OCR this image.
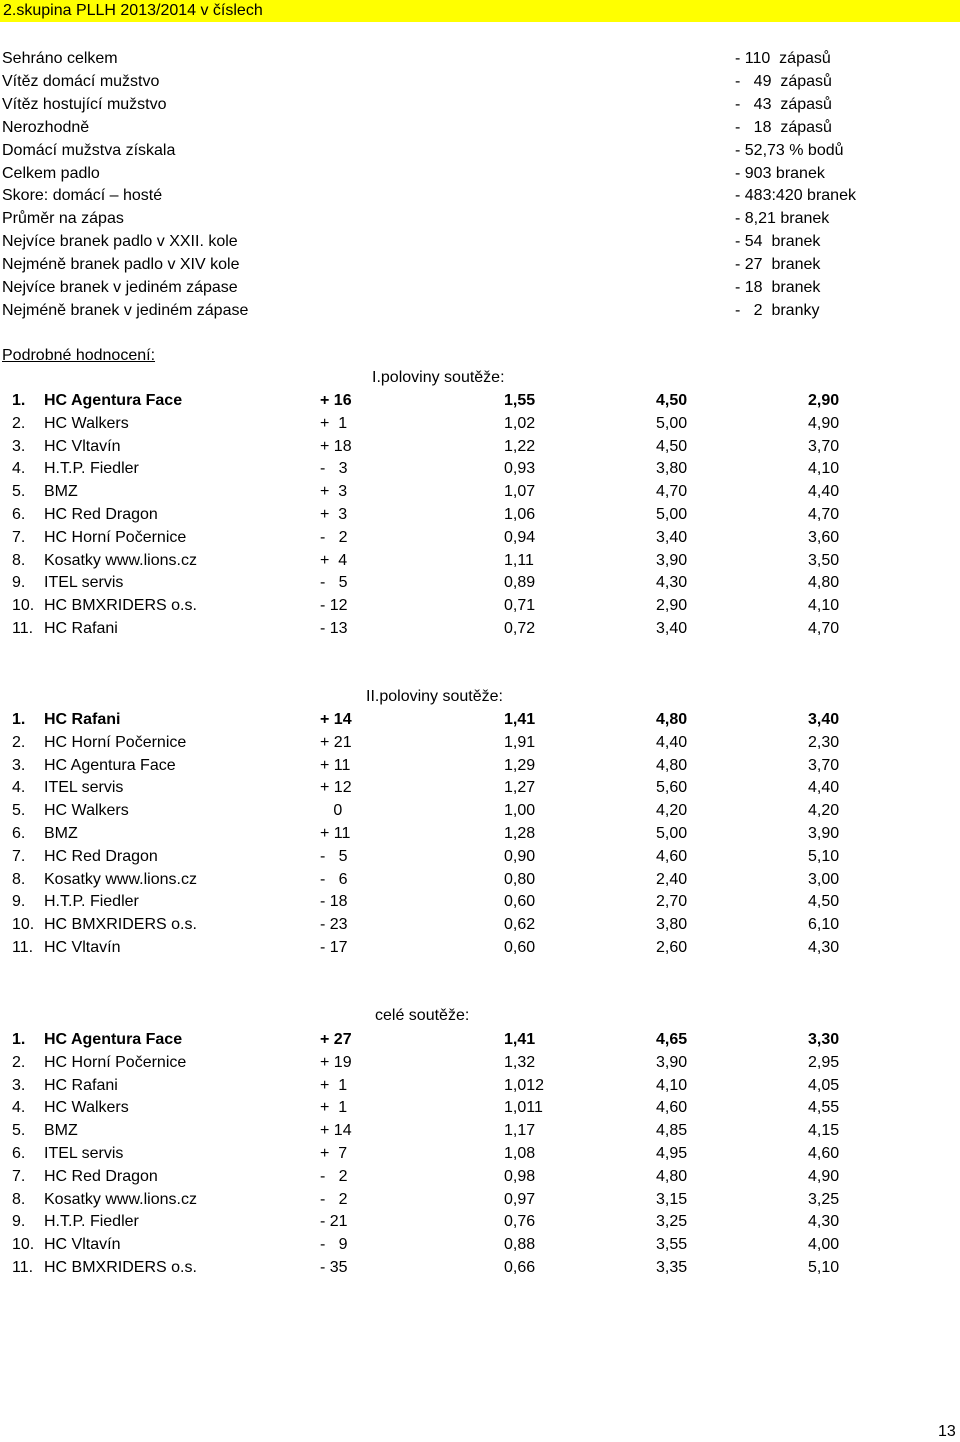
2.skupina PLLH 2013/2014 v číslech
Sehráno celkem	- 110  zápasů
Vítěz domácí mužstvo	-   49  zápasů
Vítěz hostující mužstvo	-   43  zápasů
Nerozhodně	-   18  zápasů
Domácí mužstva získala	- 52,73 % bodů
Celkem padlo	- 903 branek
Skore: domácí – hosté	- 483:420 branek
Průměr na zápas	- 8,21 branek
Nejvíce branek padlo v XXII. kole	- 54  branek
Nejméně branek padlo v XIV kole	- 27  branek
Nejvíce branek v jediném zápase	- 18  branek
Nejméně branek v jediném zápase	-   2  branky
Podrobné hodnocení:
I.poloviny soutěže:
1. HC Agentura Face	+ 16	1,55	4,50	2,90
2. HC Walkers	+  1	1,02	5,00	4,90
3. HC Vltavín	+ 18	1,22	4,50	3,70
4. H.T.P. Fiedler	-   3	0,93	3,80	4,10
5. BMZ	+  3	1,07	4,70	4,40
6. HC Red Dragon	+  3	1,06	5,00	4,70
7. HC Horní Počernice	-   2	0,94	3,40	3,60
8. Kosatky www.lions.cz	+  4	1,11	3,90	3,50
9. ITEL servis	-   5	0,89	4,30	4,80
10. HC BMXRIDERS o.s.	- 12	0,71	2,90	4,10
11. HC Rafani	- 13	0,72	3,40	4,70
II.poloviny soutěže:
1. HC Rafani	+ 14	1,41	4,80	3,40
2. HC Horní Počernice	+ 21	1,91	4,40	2,30
3. HC Agentura Face	+ 11	1,29	4,80	3,70
4. ITEL servis	+ 12	1,27	5,60	4,40
5. HC Walkers	0	1,00	4,20	4,20
6. BMZ	+ 11	1,28	5,00	3,90
7. HC Red Dragon	-   5	0,90	4,60	5,10
8. Kosatky www.lions.cz	-   6	0,80	2,40	3,00
9. H.T.P. Fiedler	- 18	0,60	2,70	4,50
10. HC BMXRIDERS o.s.	- 23	0,62	3,80	6,10
11. HC Vltavín	- 17	0,60	2,60	4,30
celé soutěže:
1. HC Agentura Face	+ 27	1,41	4,65	3,30
2. HC Horní Počernice	+ 19	1,32	3,90	2,95
3. HC Rafani	+  1	1,012	4,10	4,05
4. HC Walkers	+  1	1,011	4,60	4,55
5. BMZ	+ 14	1,17	4,85	4,15
6. ITEL servis	+  7	1,08	4,95	4,60
7. HC Red Dragon	-   2	0,98	4,80	4,90
8. Kosatky www.lions.cz	-   2	0,97	3,15	3,25
9. H.T.P. Fiedler	- 21	0,76	3,25	4,30
10. HC Vltavín	-   9	0,88	3,55	4,00
11. HC BMXRIDERS o.s.	- 35	0,66	3,35	5,10
13
